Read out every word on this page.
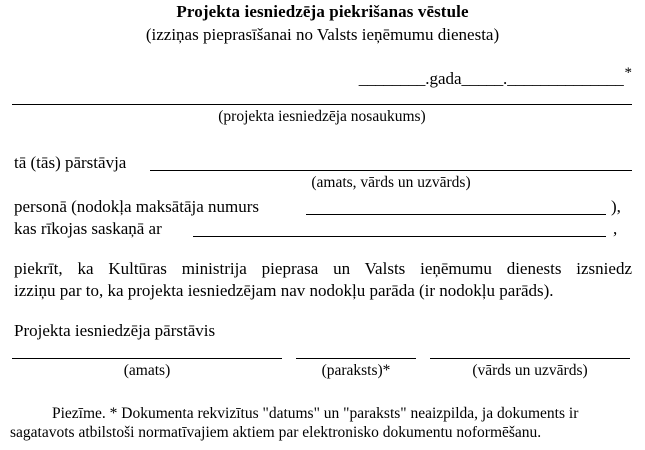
Projekta iesniedzēja piekrišanas vēstule
(izziņas pieprasīšanai no Valsts ieņēmumu dienesta)
________.gada_____.______________*
(projekta iesniedzēja nosaukums)
tā (tās) pārstāvja
(amats, vārds un uzvārds)
personā (nodokļa maksātāja numurs	),
kas rīkojas saskaņā ar	,
piekrīt, ka Kultūras ministrija pieprasa un Valsts ieņēmumu dienests izsniedz izziņu par to, ka projekta iesniedzējam nav nodokļu parāda (ir nodokļu parāds).
Projekta iesniedzēja pārstāvis
(amats)	(paraksts)*	(vārds un uzvārds)
Piezīme. * Dokumenta rekvizītus "datums" un "paraksts" neaizpilda, ja dokuments ir
sagatavots atbilstoši normatīvajiem aktiem par elektronisko dokumentu noformēšanu.
